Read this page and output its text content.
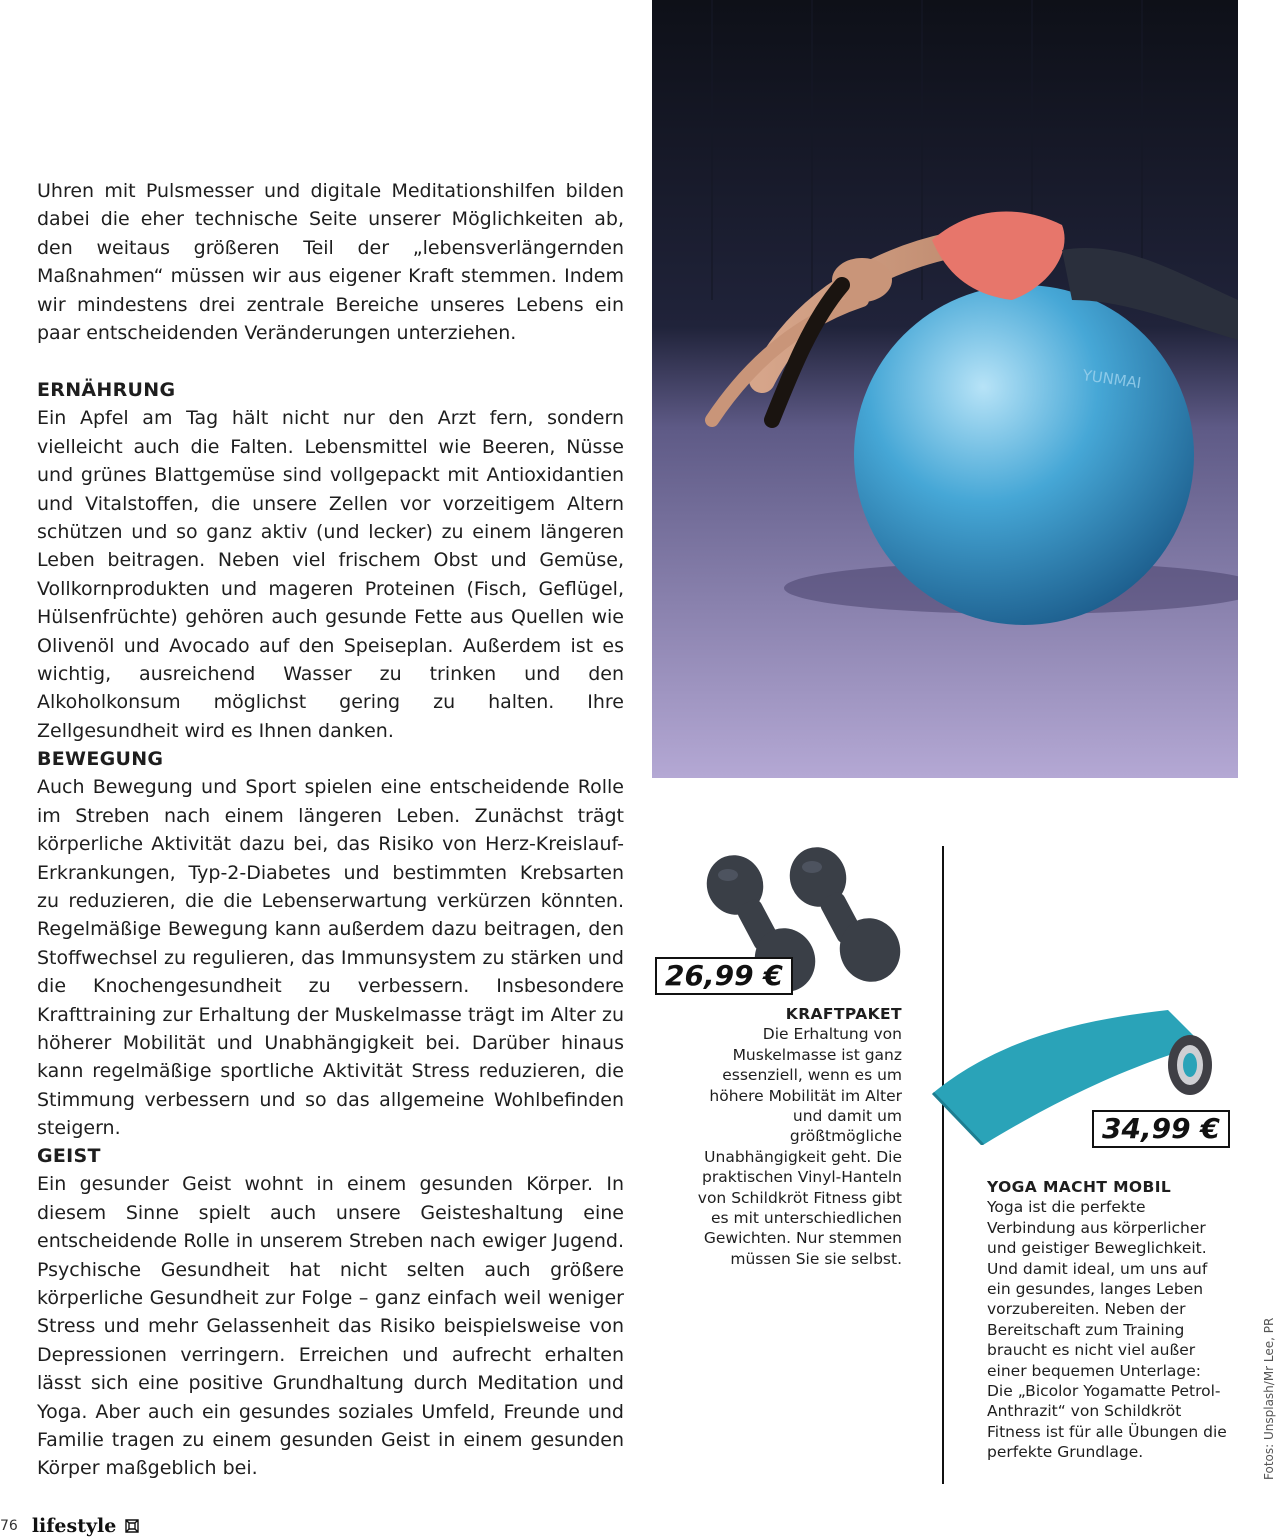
Uhren mit Pulsmesser und digitale Meditationshilfen bilden dabei die eher technische Seite unserer Möglichkeiten ab, den weitaus größeren Teil der „lebensverlängernden Maßnahmen“ müssen wir aus eigener Kraft stemmen. Indem wir mindestens drei zentrale Bereiche unseres Lebens ein paar entscheidenden Veränderungen unterziehen.
ERNÄHRUNG
Ein Apfel am Tag hält nicht nur den Arzt fern, sondern vielleicht auch die Falten. Lebensmittel wie Beeren, Nüsse und grünes Blattgemüse sind vollgepackt mit Antioxidantien und Vitalstoffen, die unsere Zellen vor vorzeitigem Altern schützen und so ganz aktiv (und lecker) zu einem längeren Leben beitragen. Neben viel frischem Obst und Gemüse, Vollkornprodukten und mageren Proteinen (Fisch, Geflügel, Hülsenfrüchte) gehören auch gesunde Fette aus Quellen wie Olivenöl und Avocado auf den Speiseplan. Außerdem ist es wichtig, ausreichend Wasser zu trinken und den Alkoholkonsum möglichst gering zu halten. Ihre Zellgesundheit wird es Ihnen danken.
BEWEGUNG
Auch Bewegung und Sport spielen eine entscheidende Rolle im Streben nach einem längeren Leben. Zunächst trägt körperliche Aktivität dazu bei, das Risiko von Herz-Kreislauf-Erkrankungen, Typ-2-Diabetes und bestimmten Krebsarten zu reduzieren, die die Lebenserwartung verkürzen könnten. Regelmäßige Bewegung kann außerdem dazu beitragen, den Stoffwechsel zu regulieren, das Immunsystem zu stärken und die Knochengesundheit zu verbessern. Insbesondere Krafttraining zur Erhaltung der Muskelmasse trägt im Alter zu höherer Mobilität und Unabhängigkeit bei. Darüber hinaus kann regelmäßige sportliche Aktivität Stress reduzieren, die Stimmung verbessern und so das allgemeine Wohlbefinden steigern.
GEIST
Ein gesunder Geist wohnt in einem gesunden Körper. In diesem Sinne spielt auch unsere Geisteshaltung eine entscheidende Rolle in unserem Streben nach ewiger Jugend. Psychische Gesundheit hat nicht selten auch größere körperliche Gesundheit zur Folge – ganz einfach weil weniger Stress und mehr Gelassenheit das Risiko beispielsweise von Depressionen verringern. Erreichen und aufrecht erhalten lässt sich eine positive Grundhaltung durch Meditation und Yoga. Aber auch ein gesundes soziales Umfeld, Freunde und Familie tragen zu einem gesunden Geist in einem gesunden Körper maßgeblich bei.
YUNMAI
26,99 €
KRAFTPAKET
Die Erhaltung von Muskelmasse ist ganz essenziell, wenn es um höhere Mobilität im Alter und damit um größtmögliche Unabhängigkeit geht. Die praktischen Vinyl-Hanteln von Schildkröt Fitness gibt es mit unterschiedlichen Gewichten. Nur stemmen müssen Sie sie selbst.
34,99 €
YOGA MACHT MOBIL
Yoga ist die perfekte Verbindung aus körperlicher und geistiger Beweglichkeit. Und damit ideal, um uns auf ein gesundes, langes Leben vorzubereiten. Neben der Bereitschaft zum Training braucht es nicht viel außer einer bequemen Unterlage: Die „Bicolor Yogamatte Petrol-Anthrazit“ von Schildkröt Fitness ist für alle Übungen die perfekte Grundlage.	Fotos: Unsplash/Mr Lee, PR
76 lifestyle
